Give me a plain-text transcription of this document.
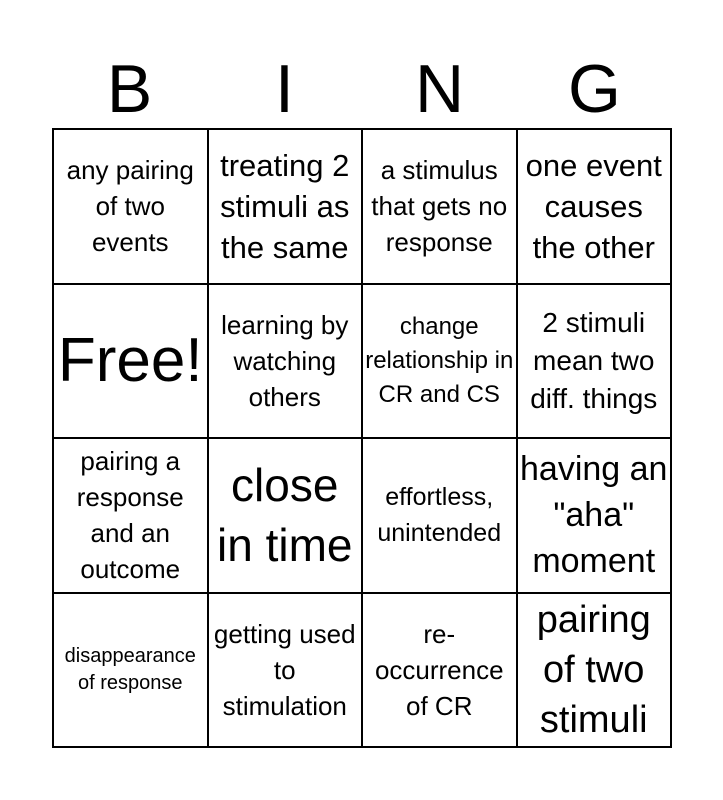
B	I	N	G
any pairing of two events
treating 2 stimuli as the same
a stimulus that gets no response
one event causes the other
Free!
learning by watching others
change relationship in CR and CS
2 stimuli mean two diff. things
pairing a response and an outcome
close in time
effortless, unintended
having an "aha" moment
disappearance of response
getting used to stimulation
re-occurrence of CR
pairing of two stimuli
